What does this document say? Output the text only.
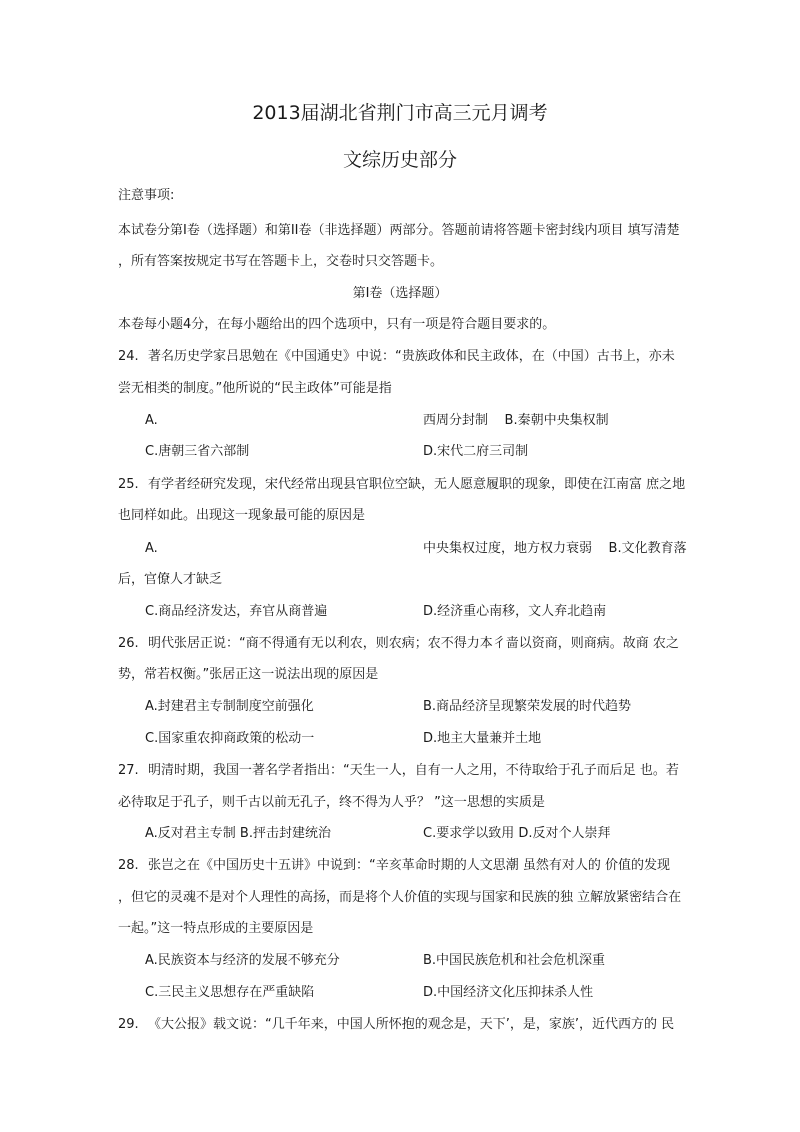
2013届湖北省荆门市高三元月调考
文综历史部分
注意事项:
本试卷分第I卷（选择题）和第II卷（非选择题）两部分。答题前请将答题卡密封线内项目 填写清楚
，所有答案按规定书写在答题卡上，交卷时只交答题卡。
第I卷（选择题）
本卷每小题4分，在每小题给出的四个选项中，只有一项是符合题目要求的。
24. 著名历史学家吕思勉在《中国通史》中说：“贵族政体和民主政体，在（中国）古书上，亦未
尝无相类的制度。”他所说的“民主政体”可能是指
A.	西周分封制 B.秦朝中央集权制
C.唐朝三省六部制	D.宋代二府三司制
25. 有学者经研究发现，宋代经常出现县官职位空缺，无人愿意履职的现象，即使在江南富 庶之地
也同样如此。出现这一现象最可能的原因是
A.	中央集权过度，地方权力衰弱 B.文化教育落
后，官僚人才缺乏
C.商品经济发达，弃官从商普遍	D.经济重心南移，文人弃北趋南
26. 明代张居正说：“商不得通有无以利农，则农病；农不得力本彳啬以资商，则商病。故商 农之
势，常若权衡。”张居正这一说法出现的原因是
A.封建君主专制制度空前强化	B.商品经济呈现繁荣发展的时代趋势
C.国家重农抑商政策的松动一	D.地主大量兼并土地
27. 明清时期，我国一著名学者指出：“天生一人，自有一人之用，不待取给于孔子而后足 也。若
必待取足于孔子，则千古以前无孔子，终不得为人乎？ ”这一思想的实质是
A.反对君主专制 B.抨击封建统治	C.要求学以致用 D.反对个人崇拜
28. 张岂之在《中国历史十五讲》中说到：“辛亥革命时期的人文思潮 虽然有对人的 价值的发现
，但它的灵魂不是对个人理性的高扬，而是将个人价值的实现与国家和民族的独 立解放紧密结合在
一起。”这一特点形成的主要原因是
A.民族资本与经济的发展不够充分	B.中国民族危机和社会危机深重
C.三民主义思想存在严重缺陷	D.中国经济文化压抑抹杀人性
29. 《大公报》载文说：“几千年来，中国人所怀抱的观念是，天下’，是，家族’，近代西方的 民
